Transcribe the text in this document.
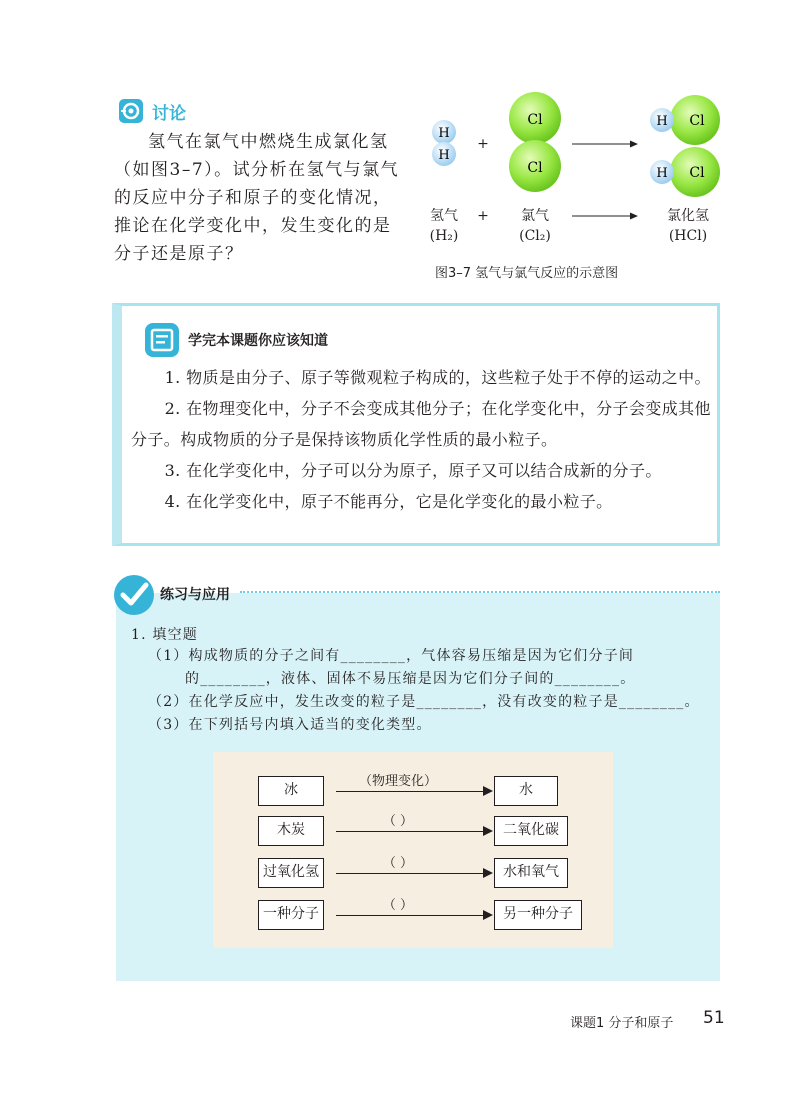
讨论

氢气在氯气中燃烧生成氯化氢

（如图3–7）。试分析在氢气与氯气

的反应中分子和原子的变化情况，

推论在化学变化中，发生变化的是

分子还是原子？

H
H
+
Cl
Cl
H Cl
H Cl
氢气
(H₂)
+ 氯气
(Cl₂)
氯化氢
(HCl)
图3–7 氢气与氯气反应的示意图
学完本课题你应该知道

1. 物质是由分子、原子等微观粒子构成的，这些粒子处于不停的运动之中。

2. 在物理变化中，分子不会变成其他分子；在化学变化中，分子会变成其他分子。构成物质的分子是保持该物质化学性质的最小粒子。

3. 在化学变化中，分子可以分为原子，原子又可以结合成新的分子。

4. 在化学变化中，原子不能再分，它是化学变化的最小粒子。

练习与应用
1. 填空题
（1）构成物质的分子之间有________，气体容易压缩是因为它们分子间
的________，液体、固体不易压缩是因为它们分子间的________。
（2）在化学反应中，发生改变的粒子是________，没有改变的粒子是________。
（3）在下列括号内填入适当的变化类型。
冰
（物理变化）
水
木炭
（ ）
二氧化碳
过氧化氢
（ ）
水和氧气
一种分子
（ ）
另一种分子
课题1 分子和原子 51
